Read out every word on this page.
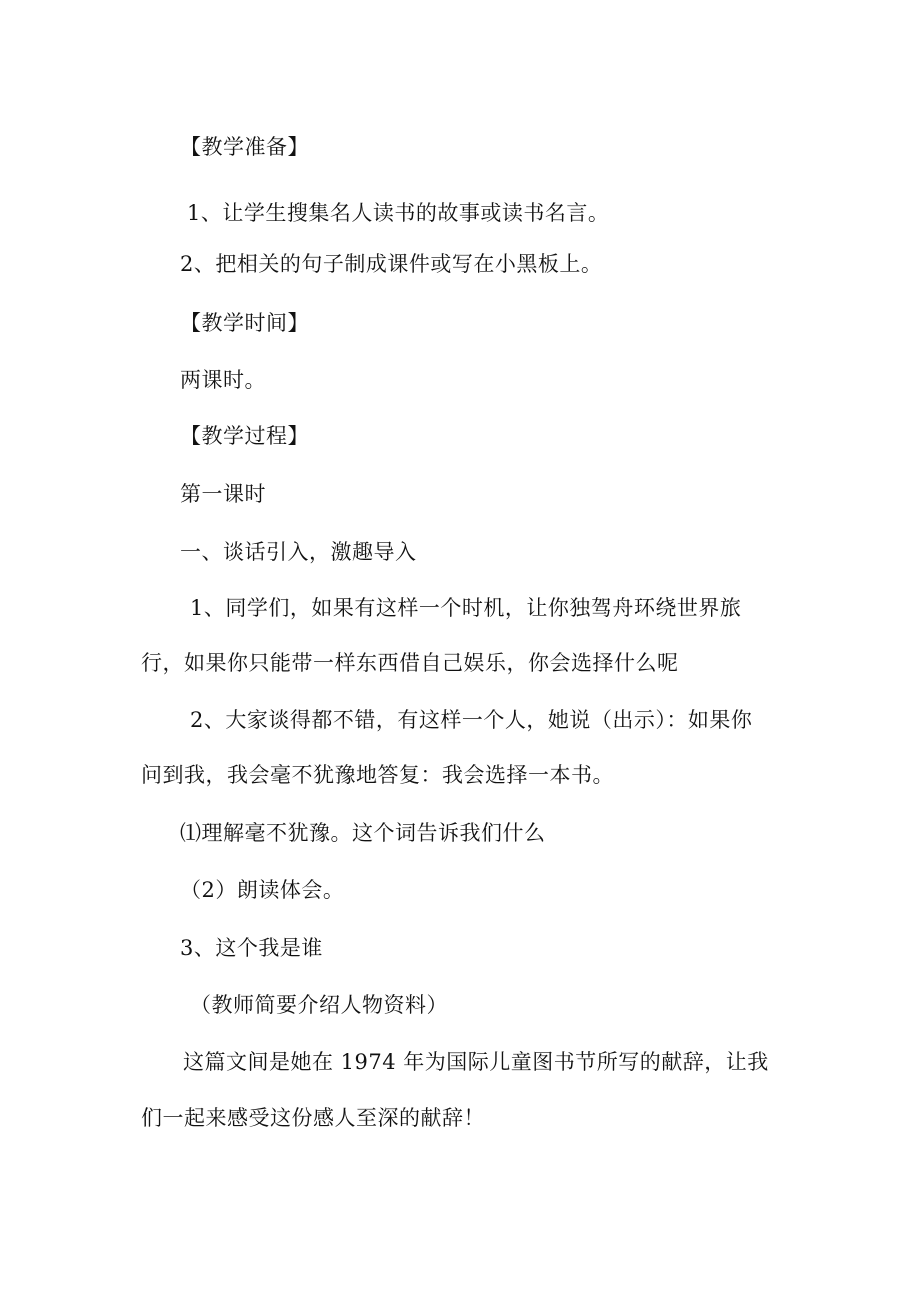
【教学准备】
1、让学生搜集名人读书的故事或读书名言。
2、把相关的句子制成课件或写在小黑板上。
【教学时间】
两课时。
【教学过程】
第一课时
一、谈话引入，激趣导入
1、同学们，如果有这样一个时机，让你独驾舟环绕世界旅
行，如果你只能带一样东西借自己娱乐，你会选择什么呢
2、大家谈得都不错，有这样一个人，她说（出示）：如果你
问到我，我会毫不犹豫地答复：我会选择一本书。
⑴理解毫不犹豫。这个词告诉我们什么
（2）朗读体会。
3、这个我是谁
（教师简要介绍人物资料）
这篇文间是她在 1974 年为国际儿童图书节所写的献辞，让我
们一起来感受这份感人至深的献辞！
